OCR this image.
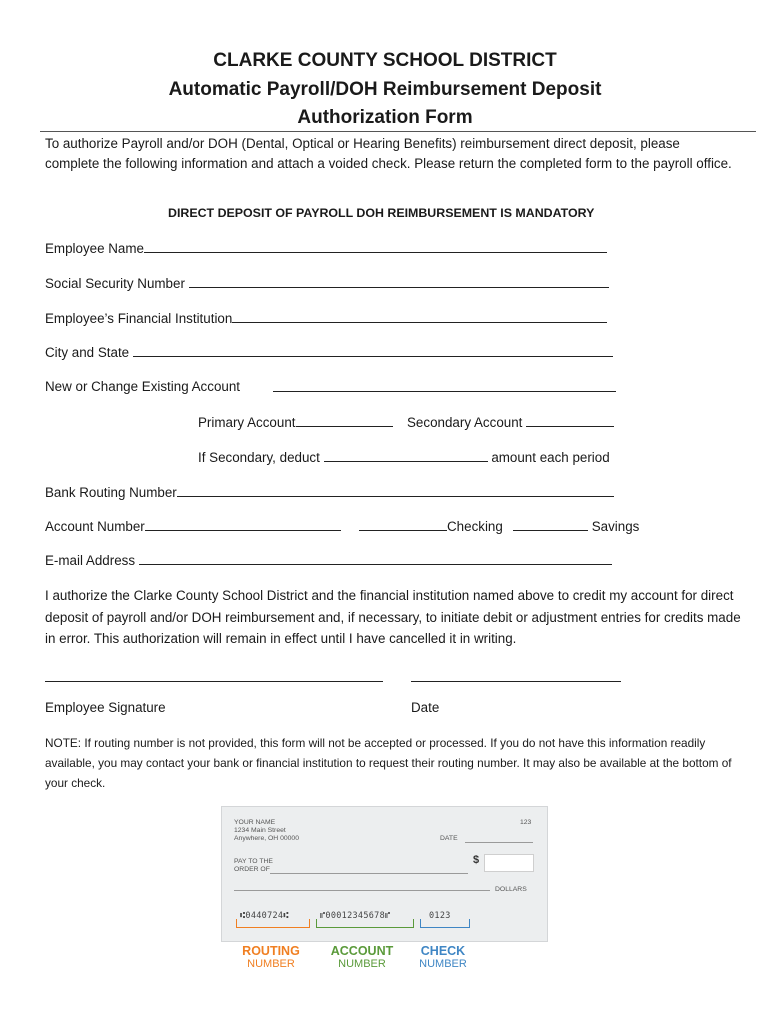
CLARKE COUNTY SCHOOL DISTRICT
Automatic Payroll/DOH Reimbursement Deposit
Authorization Form
To authorize Payroll and/or DOH (Dental, Optical or Hearing Benefits) reimbursement direct deposit, please complete the following information and attach a voided check. Please return the completed form to the payroll office.
DIRECT DEPOSIT OF PAYROLL DOH REIMBURSEMENT IS MANDATORY
Employee Name
Social Security Number
Employee’s Financial Institution
City and State
New or Change Existing Account
Primary Account	Secondary Account
If Secondary, deduct	amount each period
Bank Routing Number
Account Number	Checking	Savings
E-mail Address
I authorize the Clarke County School District and the financial institution named above to credit my account for direct deposit of payroll and/or DOH reimbursement and, if necessary, to initiate debit or adjustment entries for credits made in error. This authorization will remain in effect until I have cancelled it in writing.
Employee Signature	Date
NOTE: If routing number is not provided, this form will not be accepted or processed. If you do not have this information readily available, you may contact your bank or financial institution to request their routing number. It may also be available at the bottom of your check.
YOUR NAME
1234 Main Street
Anywhere, OH 00000
123
DATE
PAY TO THE
ORDER OF
$
DOLLARS
⑆0440724⑆	⑈00012345678⑈	0123
ROUTING
NUMBER
ACCOUNT
NUMBER
CHECK
NUMBER
